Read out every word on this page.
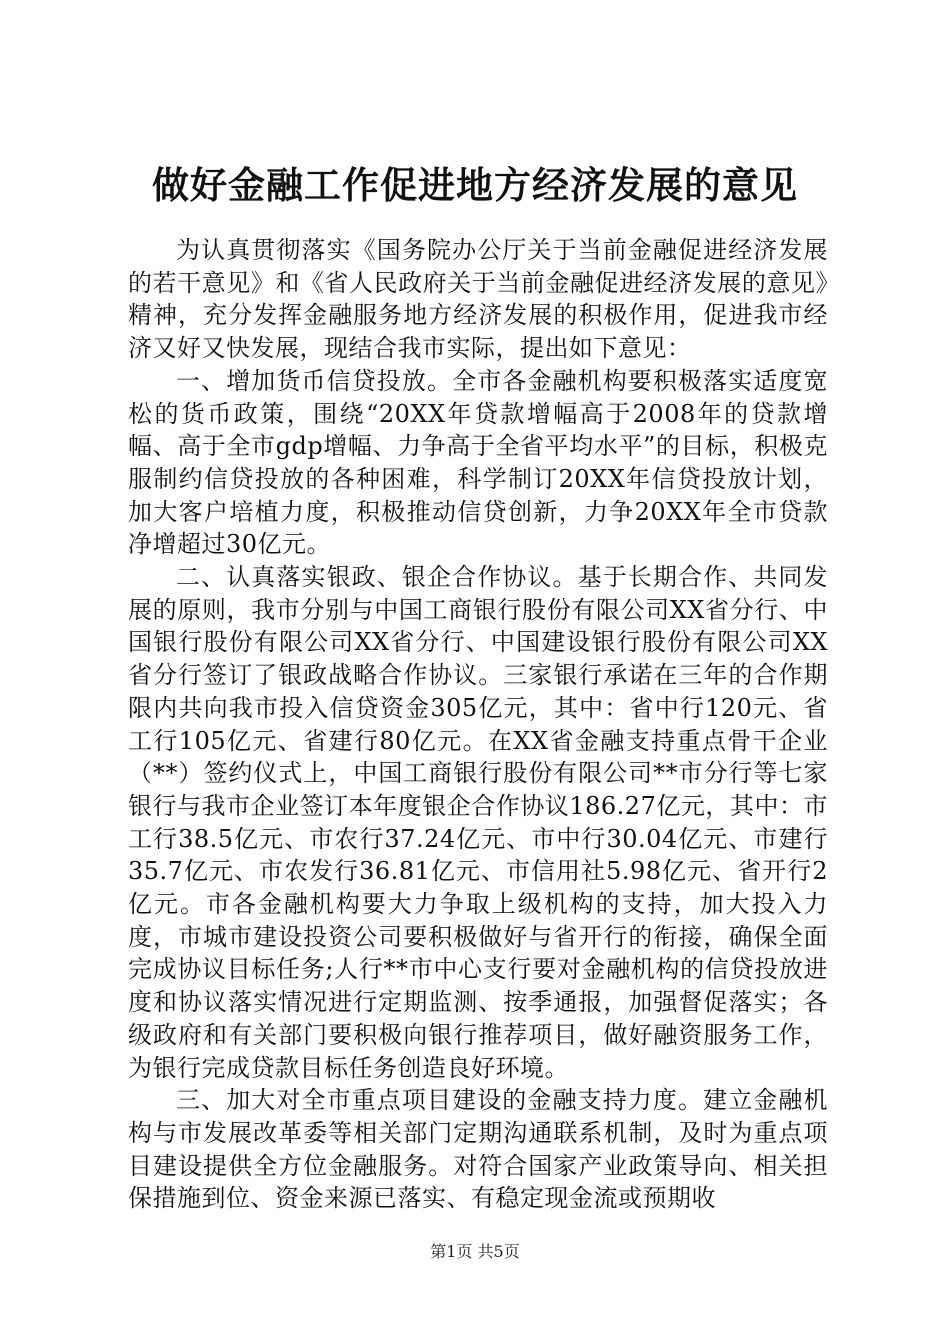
做好金融工作促进地方经济发展的意见

为认真贯彻落实《国务院办公厅关于当前金融促进经济发展的若干意见》和《省人民政府关于当前金融促进经济发展的意见》精神，充分发挥金融服务地方经济发展的积极作用，促进我市经济又好又快发展，现结合我市实际，提出如下意见：

一、增加货币信贷投放。全市各金融机构要积极落实适度宽松的货币政策，围绕“20XX年贷款增幅高于2008年的贷款增幅、高于全市gdp增幅、力争高于全省平均水平”的目标，积极克服制约信贷投放的各种困难，科学制订20XX年信贷投放计划，加大客户培植力度，积极推动信贷创新，力争20XX年全市贷款净增超过30亿元。

二、认真落实银政、银企合作协议。基于长期合作、共同发展的原则，我市分别与中国工商银行股份有限公司XX省分行、中国银行股份有限公司XX省分行、中国建设银行股份有限公司XX省分行签订了银政战略合作协议。三家银行承诺在三年的合作期限内共向我市投入信贷资金305亿元，其中：省中行120元、省工行105亿元、省建行80亿元。在XX省金融支持重点骨干企业（**）签约仪式上，中国工商银行股份有限公司**市分行等七家银行与我市企业签订本年度银企合作协议186.27亿元，其中：市工行38.5亿元、市农行37.24亿元、市中行30.04亿元、市建行35.7亿元、市农发行36.81亿元、市信用社5.98亿元、省开行2亿元。市各金融机构要大力争取上级机构的支持，加大投入力度，市城市建设投资公司要积极做好与省开行的衔接，确保全面完成协议目标任务;人行**市中心支行要对金融机构的信贷投放进度和协议落实情况进行定期监测、按季通报，加强督促落实；各级政府和有关部门要积极向银行推荐项目，做好融资服务工作，为银行完成贷款目标任务创造良好环境。

三、加大对全市重点项目建设的金融支持力度。建立金融机构与市发展改革委等相关部门定期沟通联系机制，及时为重点项目建设提供全方位金融服务。对符合国家产业政策导向、相关担保措施到位、资金来源已落实、有稳定现金流或预期收

第1页 共5页
